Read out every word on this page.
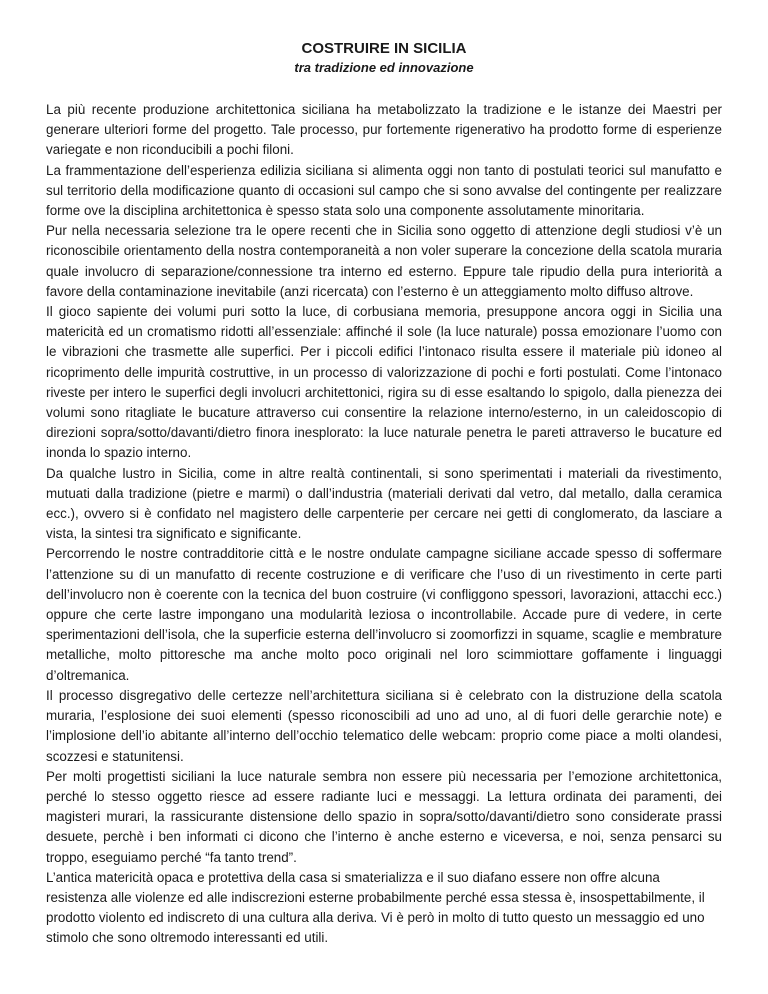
COSTRUIRE IN SICILIA
tra tradizione ed innovazione

La più recente produzione architettonica siciliana ha metabolizzato la tradizione e le istanze dei Maestri per generare ulteriori forme del progetto. Tale processo, pur fortemente rigenerativo ha prodotto forme di esperienze variegate e non riconducibili a pochi filoni.

La frammentazione dell’esperienza edilizia siciliana si alimenta oggi non tanto di postulati teorici sul manufatto e sul territorio della modificazione quanto di occasioni sul campo che si sono avvalse del contingente per realizzare forme ove la disciplina architettonica è spesso stata solo una componente assolutamente minoritaria.

Pur nella necessaria selezione tra le opere recenti che in Sicilia sono oggetto di attenzione degli studiosi v’è un riconoscibile orientamento della nostra contemporaneità a non voler superare la concezione della scatola muraria quale involucro di separazione/connessione tra interno ed esterno. Eppure tale ripudio della pura interiorità a favore della contaminazione inevitabile (anzi ricercata) con l’esterno è un atteggiamento molto diffuso altrove.

Il gioco sapiente dei volumi puri sotto la luce, di corbusiana memoria, presuppone ancora oggi in Sicilia una matericità ed un cromatismo ridotti all’essenziale: affinché il sole (la luce naturale) possa emozionare l’uomo con le vibrazioni che trasmette alle superfici. Per i piccoli edifici l’intonaco risulta essere il materiale più idoneo al ricoprimento delle impurità costruttive, in un processo di valorizzazione di pochi e forti postulati. Come l’intonaco riveste per intero le superfici degli involucri architettonici, rigira su di esse esaltando lo spigolo, dalla pienezza dei volumi sono ritagliate le bucature attraverso cui consentire la relazione interno/esterno, in un caleidoscopio di direzioni sopra/sotto/davanti/dietro finora inesplorato: la luce naturale penetra le pareti attraverso le bucature ed inonda lo spazio interno.

Da qualche lustro in Sicilia, come in altre realtà continentali, si sono sperimentati i materiali da rivestimento, mutuati dalla tradizione (pietre e marmi) o dall’industria (materiali derivati dal vetro, dal metallo, dalla ceramica ecc.), ovvero si è confidato nel magistero delle carpenterie per cercare nei getti di conglomerato, da lasciare a vista, la sintesi tra significato e significante.

Percorrendo le nostre contradditorie città e le nostre ondulate campagne siciliane accade spesso di soffermare l’attenzione su di un manufatto di recente costruzione e di verificare che l’uso di un rivestimento in certe parti dell’involucro non è coerente con la tecnica del buon costruire (vi confliggono spessori, lavorazioni, attacchi ecc.) oppure che certe lastre impongano una modularità leziosa o incontrollabile. Accade pure di vedere, in certe sperimentazioni dell’isola, che la superficie esterna dell’involucro si zoomorfizzi in squame, scaglie e membrature metalliche, molto pittoresche ma anche molto poco originali nel loro scimmiottare goffamente i linguaggi d’oltremanica.

Il processo disgregativo delle certezze nell’architettura siciliana si è celebrato con la distruzione della scatola muraria, l’esplosione dei suoi elementi (spesso riconoscibili ad uno ad uno, al di fuori delle gerarchie note) e l’implosione dell’io abitante all’interno dell’occhio telematico delle webcam: proprio come piace a molti olandesi, scozzesi e statunitensi.

Per molti progettisti siciliani la luce naturale sembra non essere più necessaria per l’emozione architettonica, perché lo stesso oggetto riesce ad essere radiante luci e messaggi. La lettura ordinata dei paramenti, dei magisteri murari, la rassicurante distensione dello spazio in sopra/sotto/davanti/dietro sono considerate prassi desuete, perchè i ben informati ci dicono che l’interno è anche esterno e viceversa, e noi, senza pensarci su troppo, eseguiamo perché “fa tanto trend”.

L’antica matericità opaca e protettiva della casa si smaterializza e il suo diafano essere non offre alcuna resistenza alle violenze ed alle indiscrezioni esterne probabilmente perché essa stessa è, insospettabilmente, il prodotto violento ed indiscreto di una cultura alla deriva. Vi è però in molto di tutto questo un messaggio ed uno stimolo che sono oltremodo interessanti ed utili.
